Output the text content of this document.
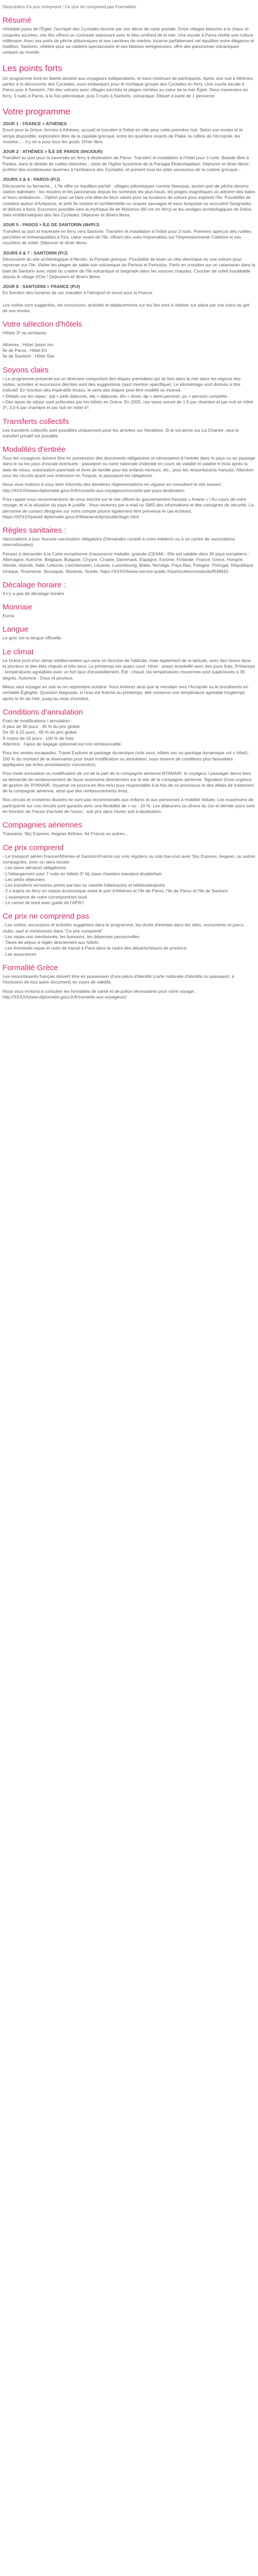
Description Ce prix comprend / Ce prix ne comprend pas Formalités
Résumé

Véritable joyau de l'Égée, l'archipel des Cyclades fascine par son décor de carte postale. Entre villages blanchis à la chaux et coupoles azurées, ces îles offrent un contraste saisissant avec le bleu profond de la mer. Une escale à Paros révèle une culture millénaire. Avec ses ports de pêche pittoresques et ses carrières de marbre, incarne parfaitement cet équilibre entre élégance et tradition. Santorin, célèbre pour sa caldeira spectaculaire et ses falaises vertigineuses, offre des panoramas volcaniques uniques au monde.

Les points forts

Un programme écrit en liberté destiné aux voyageurs indépendants, et sans minimum de participants. Après une nuit à Athènes, partez à la découverte des Cyclades, vous embarquez pour le mythique groupe des Cyclades en ferry. Une courte escale à Paros puis à Santorin, l'île des volcans avec villages perchés et plages nichées au cœur de la mer Égée. Deux traversées en ferry, 3 nuits à Paros, à la fois pittoresque, puis 3 nuits à Santorin, volcanique. Départ à partir de 1 personne.

Votre programme
JOUR 1 : FRANCE > ATHÈNES

Envol pour la Grèce. Arrivée à Athènes, accueil et transfert à l'hôtel en ville pour cette première nuit. Selon vos envies et le temps disponible, exploration libre de la capitale grecque, entre les quartiers vivants de Plaka, la colline de l'Acropole, les musées... : il y en a pour tous les goûts. Dîner libre.

JOUR 2 : ATHÈNES > ÎLE DE PAROS (5H/JOUR)

Transfert au port pour la traversée en ferry à destination de Paros. Transfert et installation à l'hôtel pour 3 nuits. Balade libre à Parikia, dans le dédale de ruelles blanches ; visite de l'église byzantine de la Panagia Ekatontapiliani. Déjeuner et dîner libres : profitez des nombreuses tavernes à l'ambiance des Cyclades, et présent tous les plats savoureux de la cuisine grecque...

JOURS 3 & 4 : PAROS (P/J)

Découverte ou farniente... L'île offre un équilibre parfait : villages pittoresques comme Naoussa, ancien port de pêche devenu station balnéaire ; les moulins et les panoramas depuis les sommets les plus hauts, les plages magnifiques où admirer des baies et leurs ambiances... Option pour se faire une idée de lieux variés pour sa locations de voiture pour explorer l'île. Possibilité de croisière autour d'Antiparos, le petit île voisine et confidentielle ou cirques sauvages et eaux turquoise ou succulent Seagrades et délices à bord. Excursion possible vers la mythique île de Mykonos (60 mn en ferry) et les vestiges archéologiques de Délos, sites emblématiques des îles Cyclades. Déjeuner et dîners libres.

JOUR 5 : PAROS > ÎLE DE SANTORIN (4H/P/J)

Transfert au port et traversée en ferry vers Santorin. Transfert et installation à l'hôtel pour 3 nuits. Premiers aperçus des ruelles perchées et immanquables à Fira, cœur vivant de l'île, offrant des vues imprenables sur l'impressionnante Caldeira et ses couchers de soleil. Déjeuner et dîner libres.

JOURS 6 & 7 : SANTORIN (P/J)

Découverte du site archéologique d'Akrotiri, la Pompéi grecque. Possibilité de louer un vélo électrique ou une voiture pour rayonner sur l'île. Visiter les plages de sable noir volcanique de Perissa et Perivolos. Partir en croisière sur un catamaran dans la baie de Santorin avec visite du cratère de l'île volcanique et baignade dans les sources chaudes. Coucher de soleil inoubliable depuis le village d'Oia ! Déjeuners et dîners libres.

JOUR 8 : SANTORIN > FRANCE (P/J)

En fonction des horaires de vol, transfert à l'aéroport et envol pour la France.

Les visites sont suggérées, les excursions, activités et déplacements sur les îles sont à réaliser sur place par vos soins au gré de vos envies.

Votre sélection d'hôtels

Hôtels 3* ou similaires

Athènes : Hôtel Jason Inn

Île de Paros : Hôtel Eri

Île de Santorin : Hôtel Star

Soyons clairs

• Le programme présenté est un itinéraire comportant des étapes prévisibles qui se font dans la mer dans les régions des visites, activités et excursions décrites sont des suggestions (sauf mention spécifique). Le kilométrage sont donnés à titre indicatif. En fonction des impératifs locaux, le sens des étapes peut être modifié ou inversé.

• Détails sur les repas : pdj = petit déjeuner, déj = déjeuner, dîn = dîner, dp = demi-pension, pc = pension complète.

• Des taxes de séjour sont prélevées par les hôtels en Grèce. En 2025, ces taxes seront de 1 € par chambre et par nuit en hôtel 3*, 3,0 € par chambre et par nuit en hôtel 4*.

Transferts collectifs

Les transferts collectifs sont possibles uniquement pour les arrivées sur Heraklion. Si le vol arrive sur La Chanée, seul le transfert privatif est possible.

Modalités d'entrée

Tous les voyageurs doivent être en possession des documents obligatoires et nécessaires à l'entrée dans le pays ou au passage dans le ou les pays d'escale éventuels : passeport ou carte nationale d'identité en cours de validité et valable 6 mois après la date de retour, autorisation parentale et livret de famille pour les enfants mineurs, etc., pour les ressortissants français. Attention pour les circuits ayant une extension en Turquie, le passeport est obligatoire.

Nous vous invitons à vous tenir informés des dernières réglementations en vigueur en consultant le site suivant : http://XXXXXwww.diplomatie.gouv.fr/fr/conseils-aux-voyageurs/conseils-par-pays-destination

Pour rappel nous recommandons de vous inscrire sur le site officiel du gouvernement français « Ariane » ! Au cours de votre voyage, et si la situation du pays le justifie : Vous recevrez par e-mail ou SMS des informations et des consignes de sécurité. La personne de contact désignée sur votre compte pourra également être prévenue le cas échéant. https://XXXXXpastel.diplomatie.gouv.fr/fildariane/dyn/public/login.html

Règles sanitaires :

Vaccinations à jour. Aucune vaccination obligatoire (Demandez conseil à votre médecin ou à un centre de vaccinations internationales).

Pensez à demander à la Carte européenne d'assurance maladie, gratuite (CEAM) : Elle est valable dans 30 pays européens : Allemagne, Autriche, Belgique, Bulgarie, Chypre, Croatie, Danemark, Espagne, Estonie, Finlande, France, Grèce, Hongrie, Irlande, Islande, Italie, Lettonie, Liechtenstein, Lituanie, Luxembourg, Malte, Norvège, Pays-Bas, Pologne, Portugal, République tchèque, Roumanie, Slovaquie, Slovénie, Suède. https://XXXXXwww.service-public.fr/particuliers/vosdroits/R49815

Décalage horaire :

Il n'y a pas de décalage horaire

Monnaie

Euros

Langue

Le grec est la langue officielle.

Le climat

Le Grèce jouit d'un climat méditerranéen qui varie en fonction de l'altitude, mais également de la latitude, avec des hivers doux et pluvieux et des étés chauds et très secs. Le printemps est assez court. Hiver : assez ensoleillé avec des jours frais. Printemps : températures agréables avec un fort taux d'ensoleillement. Été : chaud, les températures moyennes sont supérieures à 30 degrés. Automne : Doux et pluvieux.

Mieux vaut voyager en mai ou en septembre-octobre. Vous éviterez ainsi que le mondain vers l'Acropole ou le brouillamini en vertiable Églogitie. Question baignade, si l'eau est fraîche au printemps, elle conserve une température agréable longtemps après la fin de l'été, jusqu'au mois d'octobre.

Conditions d'annulation

Frais de modifications / annulation :

À plus de 30 jours : 35 % du prix global

De 30 à 15 jours : 65 % du prix global

À moins de 15 jours : 100 % de frais

Attention : l'ajout de bagage optionnel est non remboursable.

Pour les ventes escapades, Travel Explorer et package dynamique (vols secs, hôtels sec ou package dynamique vol + hôtel) : 100 % du montant de la réservation pour toute modification ou annulation, sous réserve de conditions plus favorables appliquées par le/les prestataire(s) concerné(s).

Pour toute annulation ou modification de vol de la part de la compagnie aérienne RYANAIR, le voyageur / passager devra faire sa demande de remboursement de façon autonome directement sur le site de la compagnie aérienne. Signalant d'une urgence de gestion de RYANAIR, Voyamar ne pourra en être tenu pour responsable à la fois de ce processus et des délais de traitement de la compagnie aérienne, ainsi que des remboursements émis.

Nos circuits et croisières illustrés ne sont pas recommandés aux enfants et aux personnes à mobilité réduite. Les maximums de participants sur nos circuits sont garantis avec une flexibilité de + ou - 10 %. Les déjeuners ou dîners du 1er et dernier jours sont en fonction de l'heure d'arrivée de l'avion : soit pris dans l'avion soit à destination.

Compagnies aériennes

Transavia, Sky Express, Aegean Airlines, Air France ou autres...

Ce prix comprend

- Le transport aérien France/Athènes et Santorin/France sur vols réguliers ou vols low-cost avec Sky Express, Aegean, ou autres compagnies, avec ou sans escale

- Les taxes aéroport obligatoires

- L'hébergement pour 7 nuits en hôtels 3* NL base chambre standard double/twin

- Les petits déjeuners

- Les transferts terrestres privés par taxi ou navette hôtels/ports et hôtels/aéroports

- 2 x trajets en ferry en classe économique entre le port d'Athènes et l'île de Paros, l'île de Paros et l'île de Santorin

- L'assistance de notre correspondant local

- Le carnet de bord avec guide de l'API57

Ce prix ne comprend pas

- Les visites, excursions et activités suggérées dans le programme, les droits d'entrées dans les sites, monuments et parcs, clubs, sauf si mentionnés dans "Ce prix comprend"

- Les repas non mentionnés, les boissons, les dépenses personnelles

- Taxes de séjour à régler directement aux hôtels

- Les éventuels repas et nuits de transit à Paris dans le cadre des départs/retours de province

- Les assurances

Formalité Grèce

Les ressortissants français doivent être en possession d'une pièce d'identité (carte nationale d'identité ou passeport, à l'exclusion de tout autre document) en cours de validité.

Nous vous invitons à consulter les formalités de santé et de police nécessaires pour votre voyage : http://XXXXXwww.diplomatie.gouv.fr/fr/conseils-aux-voyageurs/
